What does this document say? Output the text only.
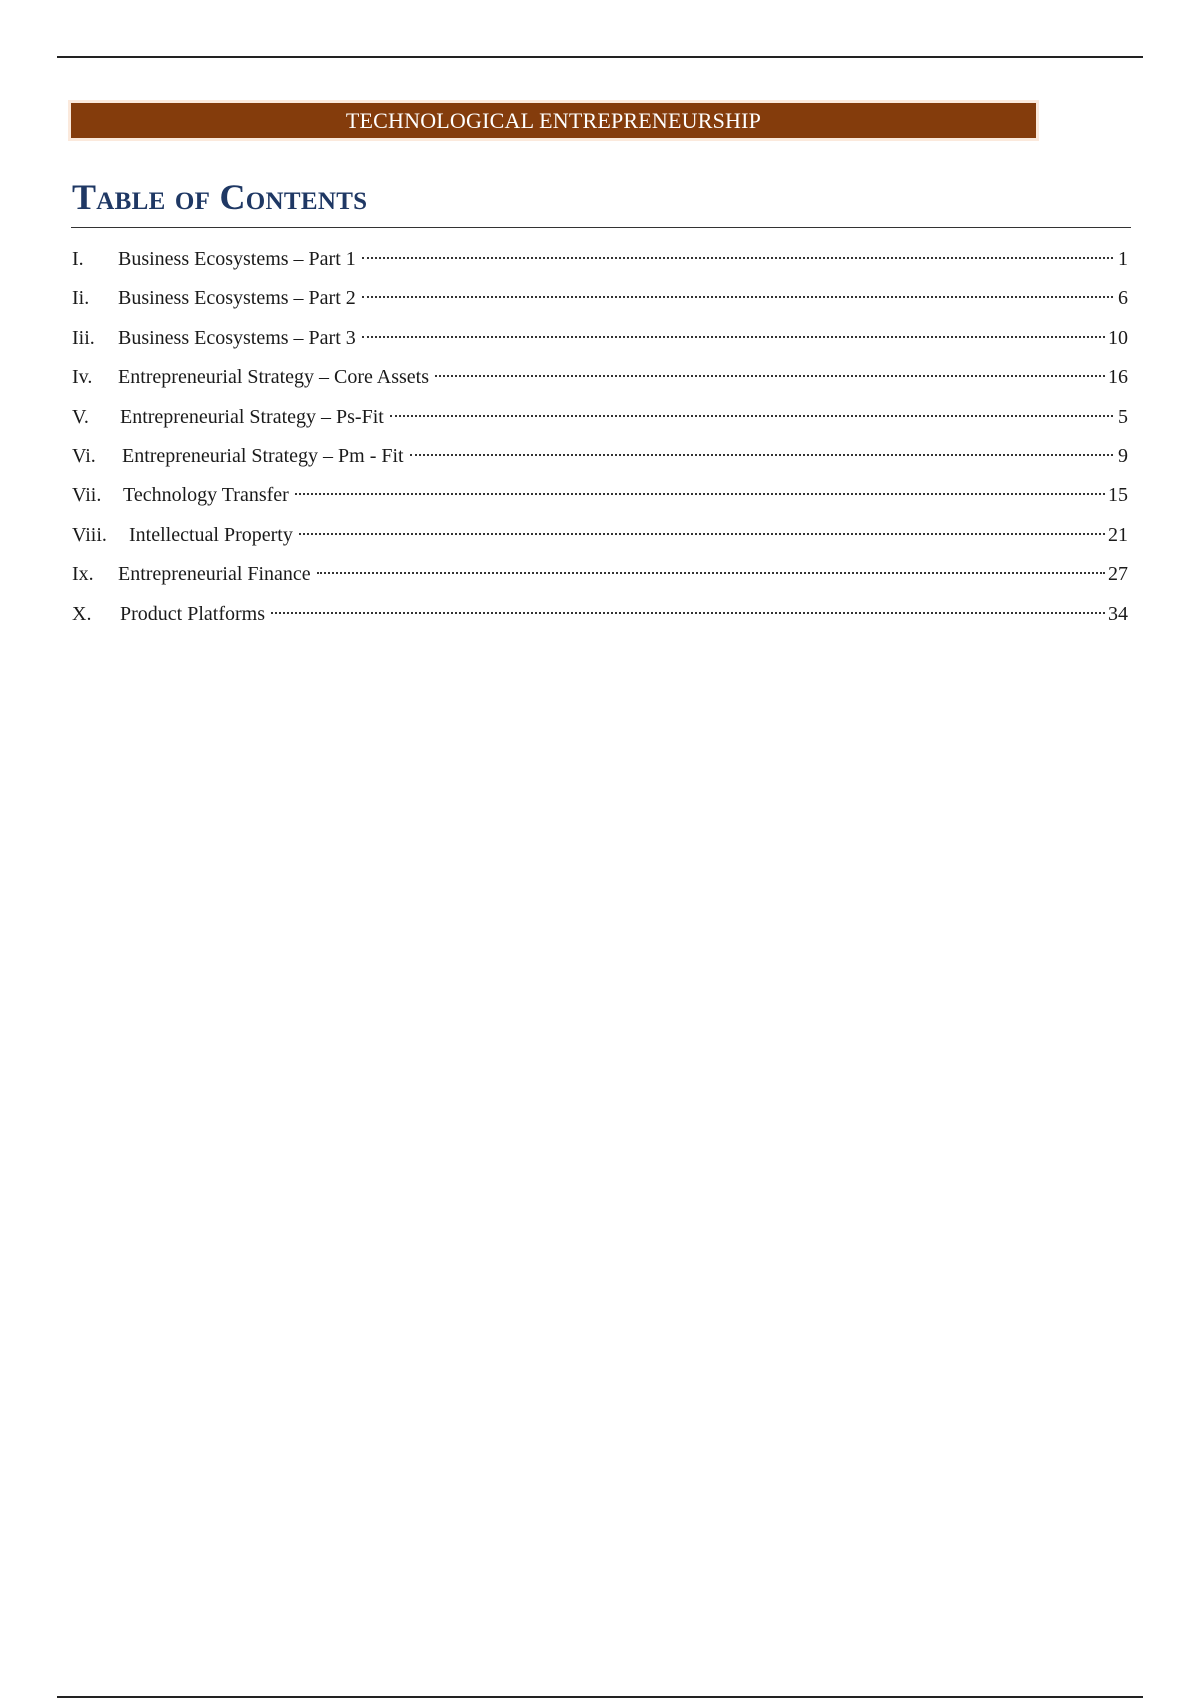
TECHNOLOGICAL ENTREPRENEURSHIP
Table of Contents
I.	Business Ecosystems – Part 1	1
Ii.	Business Ecosystems – Part 2	6
Iii.	Business Ecosystems – Part 3	10
Iv.	Entrepreneurial Strategy – Core Assets	16
V.	Entrepreneurial Strategy – Ps-Fit	5
Vi.	Entrepreneurial Strategy – Pm - Fit	9
Vii.	Technology Transfer	15
Viii.	Intellectual Property	21
Ix.	Entrepreneurial Finance	27
X.	Product Platforms	34
